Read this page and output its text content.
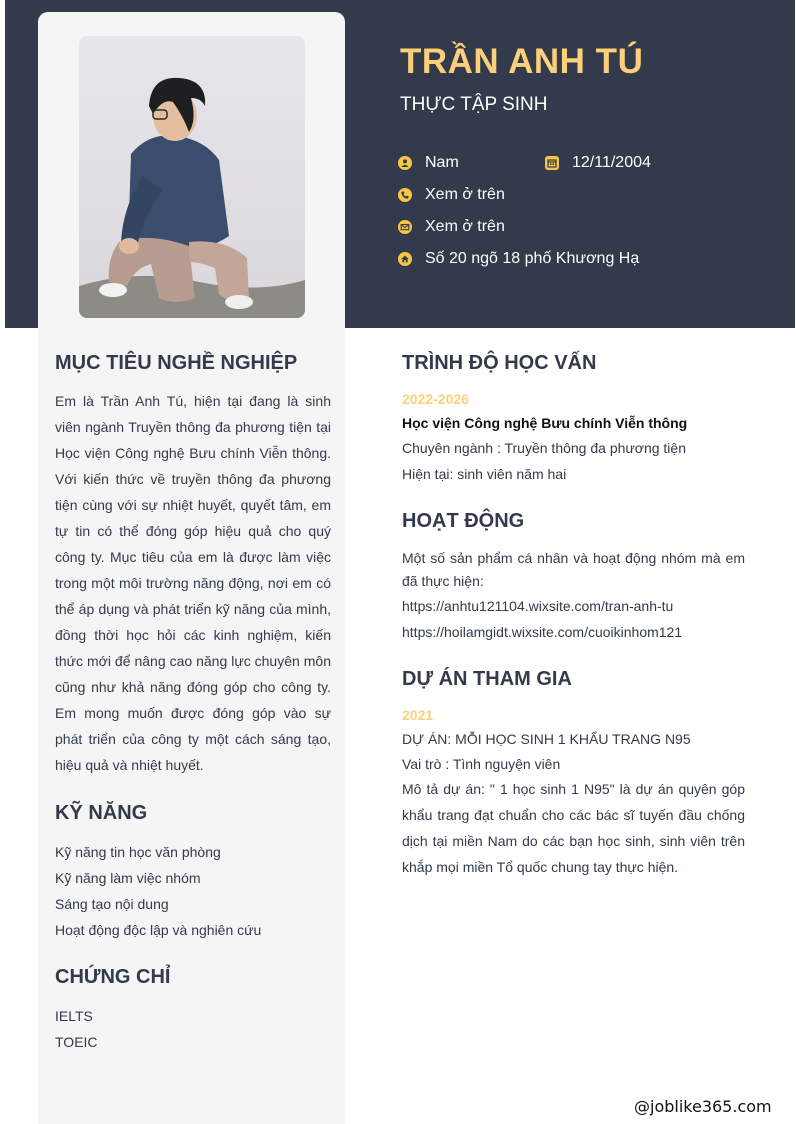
TRẦN ANH TÚ
THỰC TẬP SINH
Nam	12/11/2004
Xem ở trên
Xem ở trên
Số 20 ngõ 18 phố Khương Hạ
MỤC TIÊU NGHỀ NGHIỆP
Em là Trần Anh Tú, hiện tại đang là sinh viên ngành Truyền thông đa phương tiện tại Học viện Công nghệ Bưu chính Viễn thông. Với kiến thức về truyền thông đa phương tiện cùng với sự nhiệt huyết, quyết tâm, em tự tin có thể đóng góp hiệu quả cho quý công ty. Mục tiêu của em là được làm việc trong một môi trường năng động, nơi em có thể áp dụng và phát triển kỹ năng của mình, đồng thời học hỏi các kinh nghiệm, kiến thức mới để nâng cao năng lực chuyên môn cũng như khả năng đóng góp cho công ty. Em mong muốn được đóng góp vào sự phát triển của công ty một cách sáng tạo, hiệu quả và nhiệt huyết.
KỸ NĂNG
Kỹ năng tin học văn phòng
Kỹ năng làm việc nhóm
Sáng tạo nội dung
Hoạt động độc lập và nghiên cứu
CHỨNG CHỈ
IELTS
TOEIC
TRÌNH ĐỘ HỌC VẤN
2022-2026
Học viện Công nghệ Bưu chính Viễn thông
Chuyên ngành : Truyền thông đa phương tiện
Hiện tại: sinh viên năm hai
HOẠT ĐỘNG
Một số sản phẩm cá nhân và hoạt động nhóm mà em đã thực hiện:
https://anhtu121104.wixsite.com/tran-anh-tu
https://hoilamgidt.wixsite.com/cuoikinhom121
DỰ ÁN THAM GIA
2021
DỰ ÁN: MỖI HỌC SINH 1 KHẨU TRANG N95
Vai trò : Tình nguyện viên
Mô tả dự án: " 1 học sinh 1 N95" là dự án quyên góp khẩu trang đạt chuẩn cho các bác sĩ tuyến đầu chống dịch tại miền Nam do các bạn học sinh, sinh viên trên khắp mọi miền Tổ quốc chung tay thực hiện.
@joblike365.com
